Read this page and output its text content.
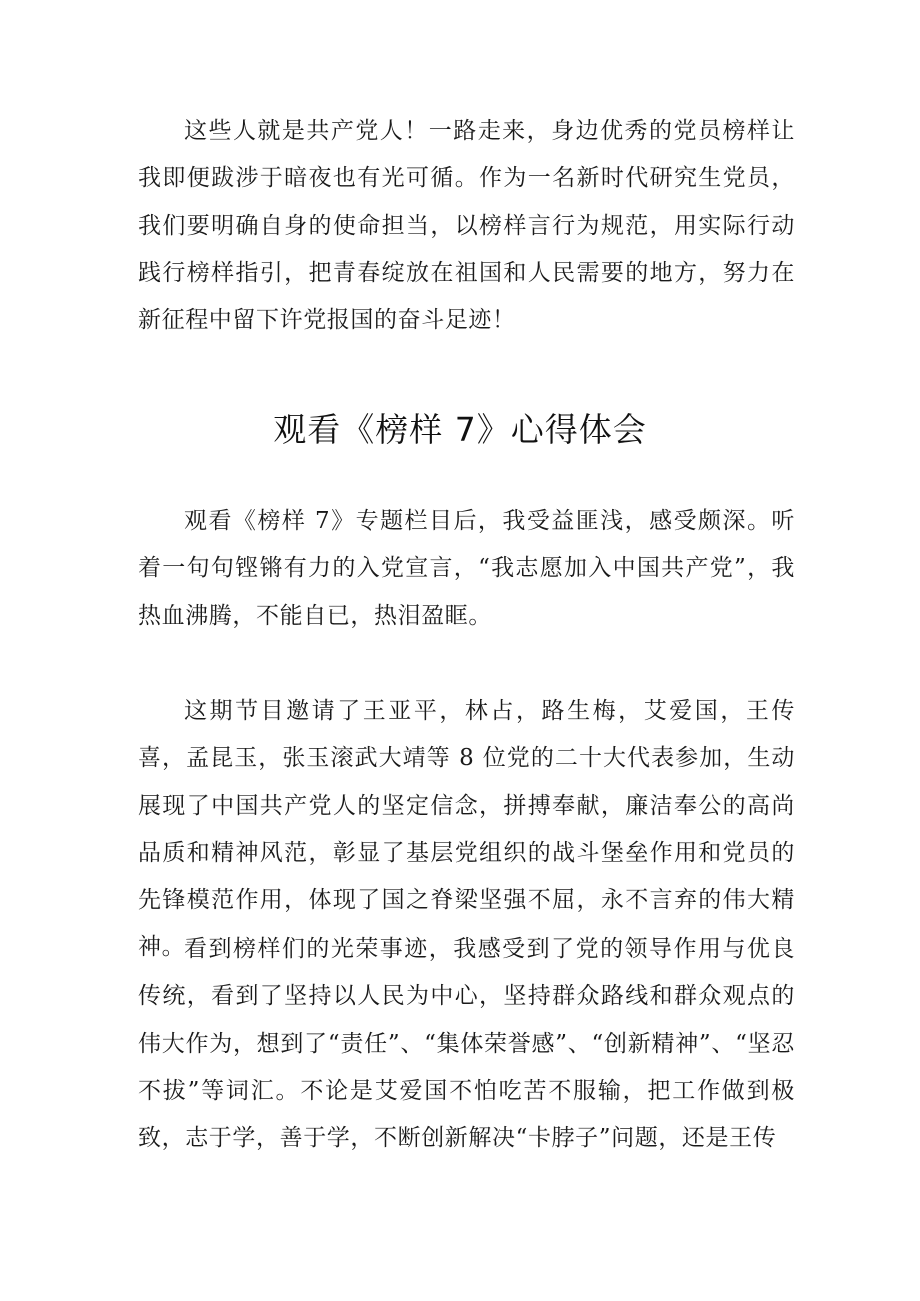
这些人就是共产党人！一路走来，身边优秀的党员榜样让我即便跋涉于暗夜也有光可循。作为一名新时代研究生党员，我们要明确自身的使命担当，以榜样言行为规范，用实际行动践行榜样指引，把青春绽放在祖国和人民需要的地方，努力在新征程中留下许党报国的奋斗足迹！

观看《榜样 7》心得体会

观看《榜样 7》专题栏目后，我受益匪浅，感受颇深。听着一句句铿锵有力的入党宣言，“我志愿加入中国共产党”，我热血沸腾，不能自已，热泪盈眶。

这期节目邀请了王亚平，林占，路生梅，艾爱国，王传喜，孟昆玉，张玉滚武大靖等 8 位党的二十大代表参加，生动展现了中国共产党人的坚定信念，拼搏奉献，廉洁奉公的高尚品质和精神风范，彰显了基层党组织的战斗堡垒作用和党员的先锋模范作用，体现了国之脊梁坚强不屈，永不言弃的伟大精神。

看到榜样们的光荣事迹，我感受到了党的领导作用与优良传统，看到了坚持以人民为中心，坚持群众路线和群众观点的伟大作为，想到了“责任”、“集体荣誉感”、“创新精神”、“坚忍不拔”等词汇。不论是艾爱国不怕吃苦不服输，把工作做到极致，志于学，善于学，不断创新解决“卡脖子”问题，还是王传
